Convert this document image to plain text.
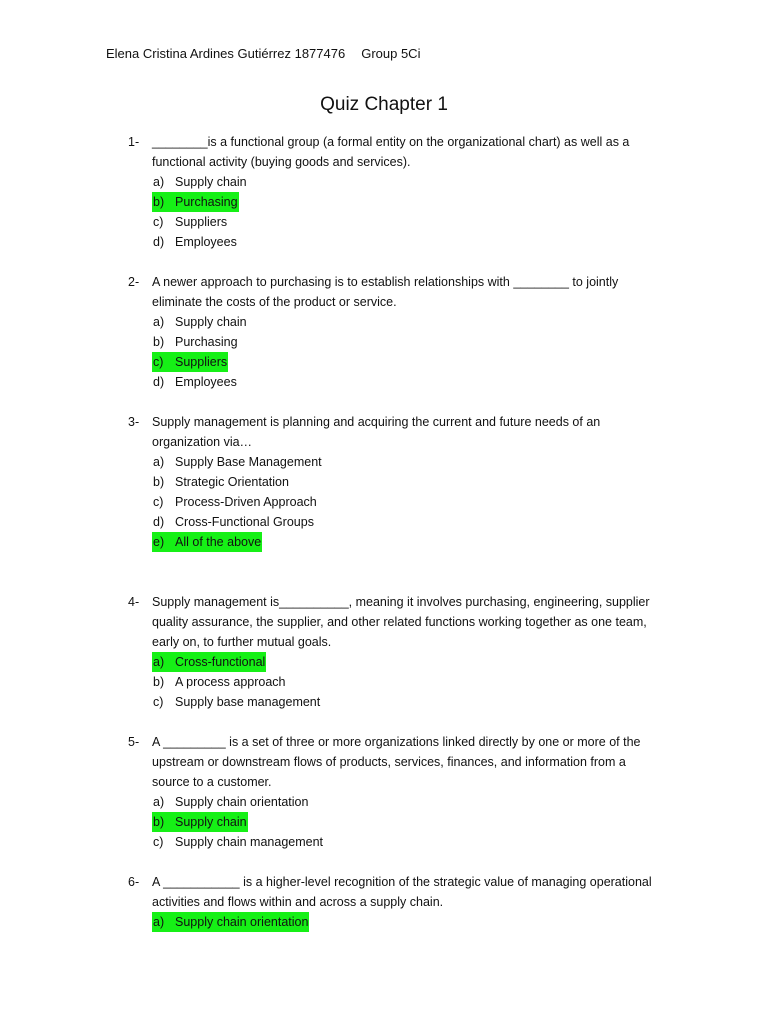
Elena Cristina Ardines Gutiérrez 1877476 Group 5Ci
Quiz Chapter 1
1-	________is a functional group (a formal entity on the organizational chart) as well as a functional activity (buying goods and services).
a) Supply chain
b) Purchasing
c) Suppliers
d) Employees
2-	A newer approach to purchasing is to establish relationships with ________ to jointly eliminate the costs of the product or service.
a) Supply chain
b) Purchasing
c) Suppliers
d) Employees
3-	Supply management is planning and acquiring the current and future needs of an organization via…
a) Supply Base Management
b) Strategic Orientation
c) Process-Driven Approach
d) Cross-Functional Groups
e) All of the above
4-	Supply management is__________, meaning it involves purchasing, engineering, supplier quality assurance, the supplier, and other related functions working together as one team, early on, to further mutual goals.
a) Cross-functional
b) A process approach
c) Supply base management
5-	A _________ is a set of three or more organizations linked directly by one or more of the upstream or downstream flows of products, services, finances, and information from a source to a customer.
a) Supply chain orientation
b) Supply chain
c) Supply chain management
6-	A ___________ is a higher-level recognition of the strategic value of managing operational activities and flows within and across a supply chain.
a) Supply chain orientation
